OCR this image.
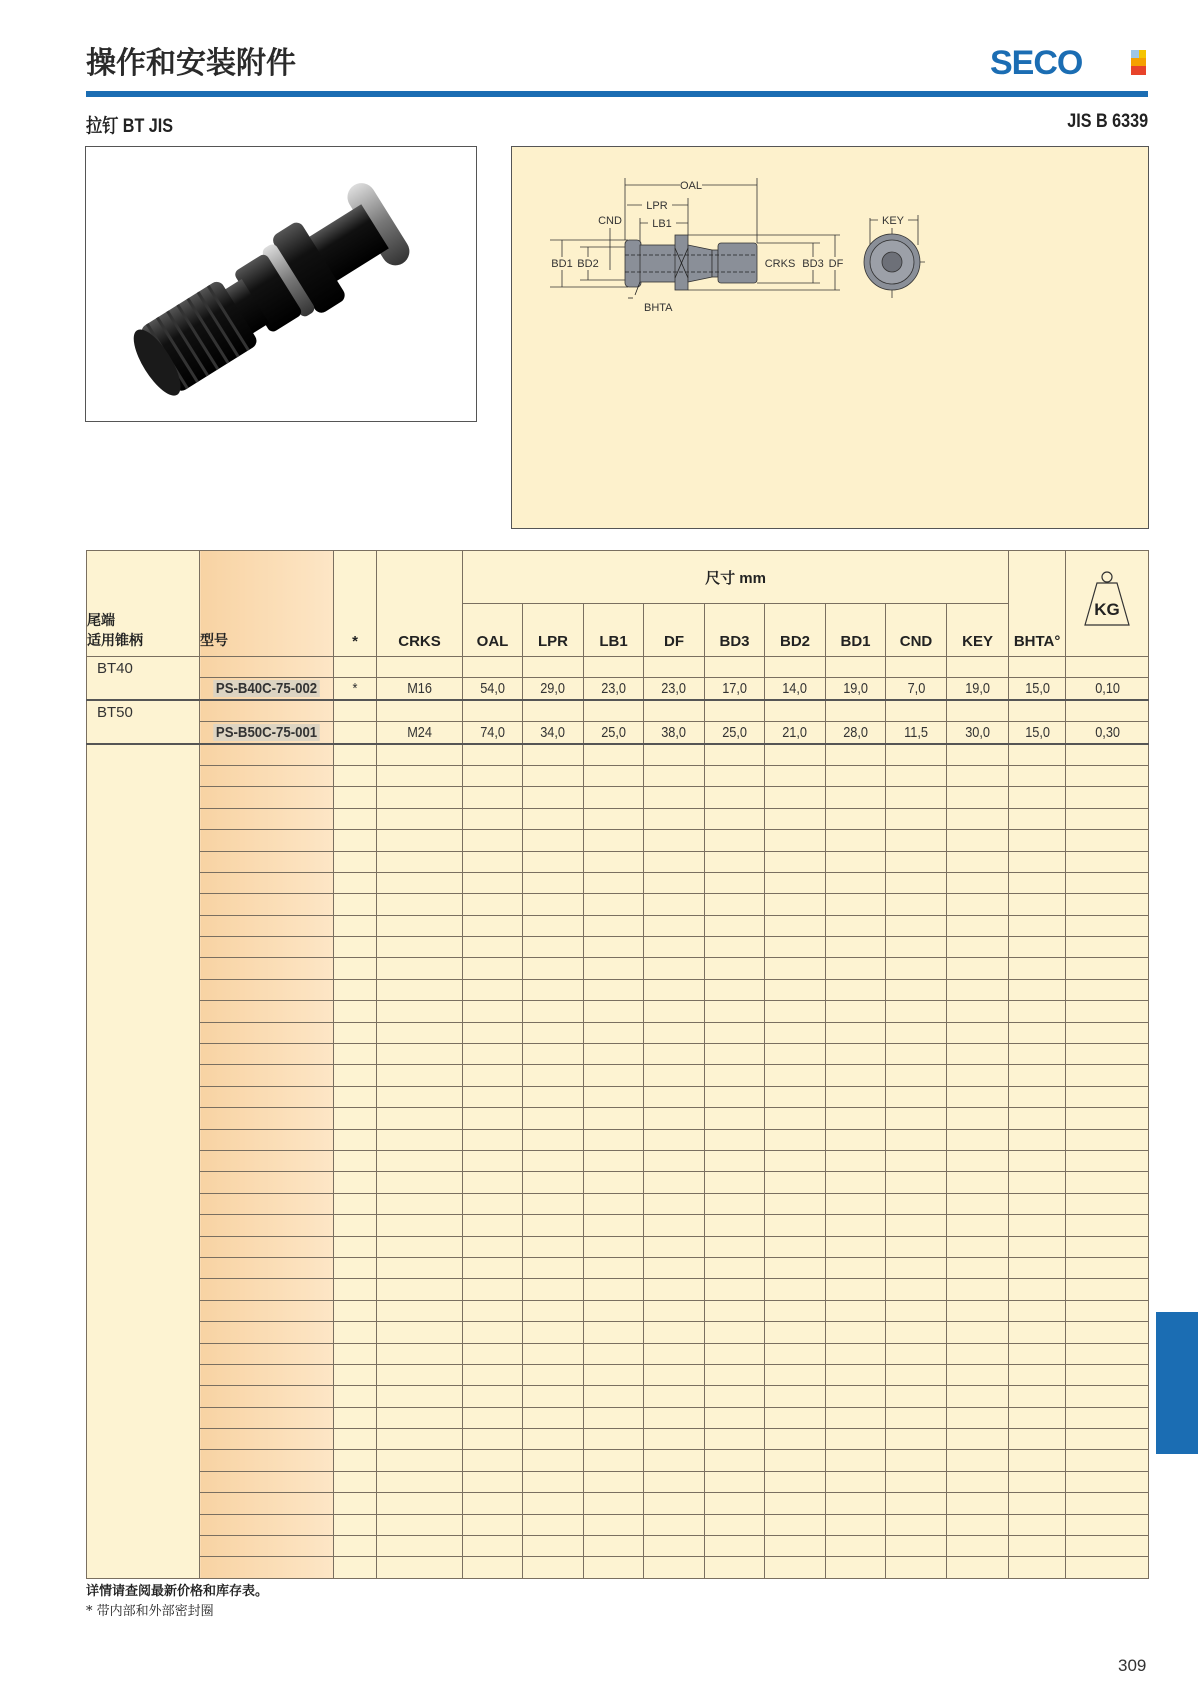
操作和安装附件	SECO
拉钉 BT JIS	JIS B 6339
OAL
LPR
LB1
CND
BD1 BD2	CRKS BD3 DF
BHTA
KEY
尾端
适用锥柄	型号	*	CRKS	尺寸 mm									BHTA°	KG

				OAL	LPR	LB1	DF	BD3	BD2	BD1	CND	KEY		
BT40														
	PS-B40C-75-002	*	M16	54,0	29,0	23,0	23,0	17,0	14,0	19,0	7,0	19,0	15,0	0,10
BT50														
	PS-B50C-75-001		M24	74,0	34,0	25,0	38,0	25,0	21,0	28,0	11,5	30,0	15,0	0,30

详情请查阅最新价格和库存表。
* 带内部和外部密封圈
309
